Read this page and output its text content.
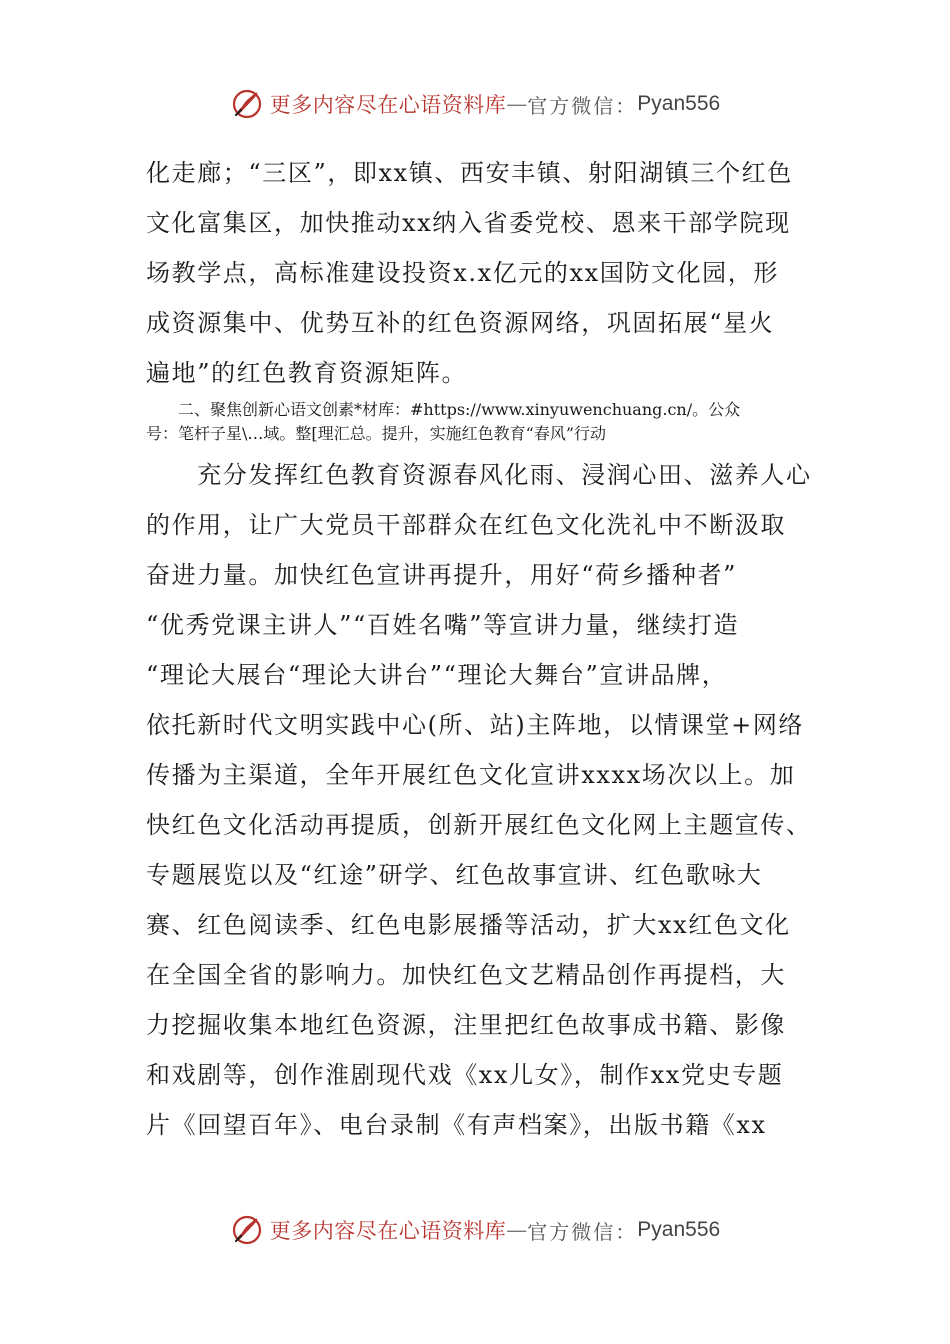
更多内容尽在心语资料库 — 官方微信： Pyan556
化走廊；“三区”，即xx镇、西安丰镇、射阳湖镇三个红色
文化富集区，加快推动xx纳入省委党校、恩来干部学院现
场教学点，高标准建设投资x.x亿元的xx国防文化园，形
成资源集中、优势互补的红色资源网络，巩固拓展“星火
遍地”的红色教育资源矩阵。
二、聚焦创新心语文创素*材库：#https://www.xinyuwenchuang.cn/。公众
号：笔杆子星\…域。整[理汇总。提升，实施红色教育“春风”行动
　　充分发挥红色教育资源春风化雨、浸润心田、滋养人心
的作用，让广大党员干部群众在红色文化洗礼中不断汲取
奋进力量。加快红色宣讲再提升，用好“荷乡播种者”
“优秀党课主讲人”“百姓名嘴”等宣讲力量，继续打造
“理论大展台“理论大讲台”“理论大舞台”宣讲品牌，
依托新时代文明实践中心(所、站)主阵地，以情课堂+网络
传播为主渠道，全年开展红色文化宣讲xxxx场次以上。加
快红色文化活动再提质，创新开展红色文化网上主题宣传、
专题展览以及“红途”研学、红色故事宣讲、红色歌咏大
赛、红色阅读季、红色电影展播等活动，扩大xx红色文化
在全国全省的影响力。加快红色文艺精品创作再提档，大
力挖掘收集本地红色资源，注里把红色故事成书籍、影像
和戏剧等，创作淮剧现代戏《xx儿女》，制作xx党史专题
片《回望百年》、电台录制《有声档案》，出版书籍《xx
更多内容尽在心语资料库 — 官方微信： Pyan556
